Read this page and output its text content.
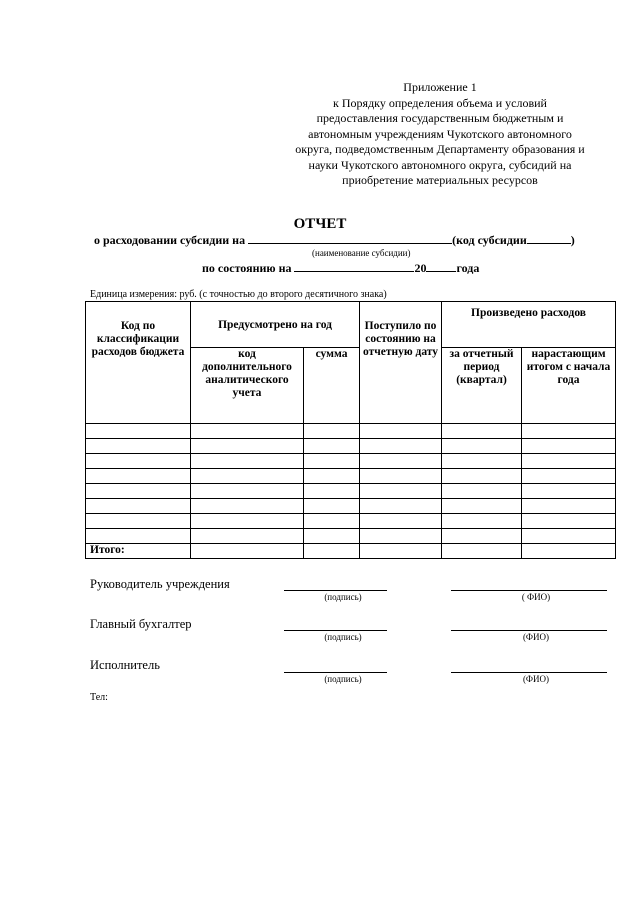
Приложение 1
к Порядку определения объема и условий
предоставления государственным бюджетным и
автономным учреждениям Чукотского автономного
округа, подведомственным Департаменту образования и
науки Чукотского автономного округа, субсидий на
приобретение материальных ресурсов
ОТЧЕТ
о расходовании субсидии на	(код субсидии	)
(наименование субсидии)
по состоянию на	20	года
Единица измерения: руб. (с точностью до второго десятичного знака)
Код по классификации расходов бюджета	Предусмотрено на год		Поступило по состоянию на отчетную дату	Произведено расходов	
	код дополнительного аналитического учета	сумма		за отчетный период (квартал)	нарастающим итогом с начала года

Итого:					
Руководитель учреждения
(подпись)	( ФИО)
Главный бухгалтер
(подпись)	(ФИО)
Исполнитель
(подпись)	(ФИО)
Тел:
